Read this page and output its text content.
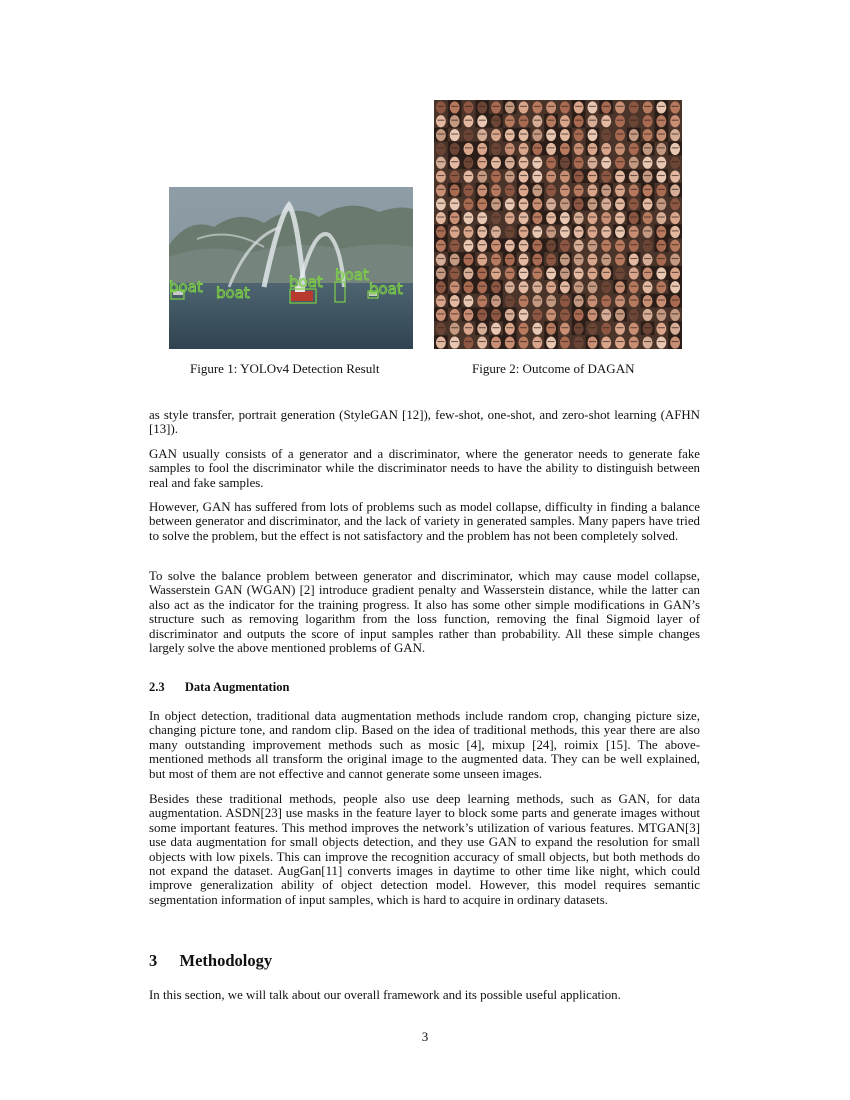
boat boat
boat boat
boat
Figure 1: YOLOv4 Detection Result	Figure 2: Outcome of DAGAN

as style transfer, portrait generation (StyleGAN [12]), few-shot, one-shot, and zero-shot learning (AFHN [13]).

GAN usually consists of a generator and a discriminator, where the generator needs to generate fake samples to fool the discriminator while the discriminator needs to have the ability to distinguish between real and fake samples.

However, GAN has suffered from lots of problems such as model collapse, difficulty in finding a balance between generator and discriminator, and the lack of variety in generated samples. Many papers have tried to solve the problem, but the effect is not satisfactory and the problem has not been completely solved.

To solve the balance problem between generator and discriminator, which may cause model collapse, Wasserstein GAN (WGAN) [2] introduce gradient penalty and Wasserstein distance, while the latter can also act as the indicator for the training progress. It also has some other simple modifications in GAN’s structure such as removing logarithm from the loss function, removing the final Sigmoid layer of discriminator and outputs the score of input samples rather than probability. All these simple changes largely solve the above mentioned problems of GAN.

2.3 Data Augmentation

In object detection, traditional data augmentation methods include random crop, changing picture size, changing picture tone, and random clip. Based on the idea of traditional methods, this year there are also many outstanding improvement methods such as mosic [4], mixup [24], roimix [15]. The above-mentioned methods all transform the original image to the augmented data. They can be well explained, but most of them are not effective and cannot generate some unseen images.

Besides these traditional methods, people also use deep learning methods, such as GAN, for data augmentation. ASDN[23] use masks in the feature layer to block some parts and generate images without some important features. This method improves the network’s utilization of various features. MTGAN[3] use data augmentation for small objects detection, and they use GAN to expand the resolution for small objects with low pixels. This can improve the recognition accuracy of small objects, but both methods do not expand the dataset. AugGan[11] converts images in daytime to other time like night, which could improve generalization ability of object detection model. However, this model requires semantic segmentation information of input samples, which is hard to acquire in ordinary datasets.

3 Methodology

In this section, we will talk about our overall framework and its possible useful application.

3
